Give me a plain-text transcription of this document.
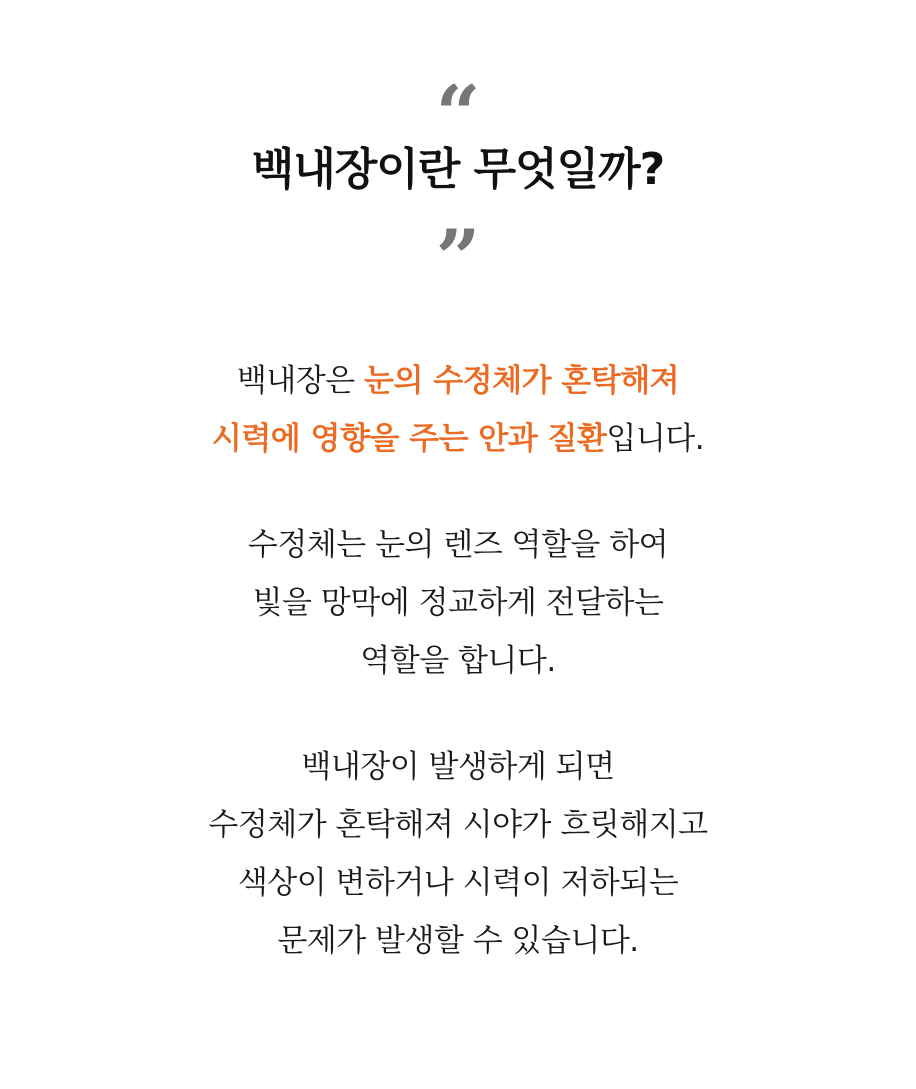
“
백내장이란 무엇일까?
”
백내장은 눈의 수정체가 혼탁해져
시력에 영향을 주는 안과 질환입니다.
수정체는 눈의 렌즈 역할을 하여
빛을 망막에 정교하게 전달하는
역할을 합니다.
백내장이 발생하게 되면
수정체가 혼탁해져 시야가 흐릿해지고
색상이 변하거나 시력이 저하되는
문제가 발생할 수 있습니다.
